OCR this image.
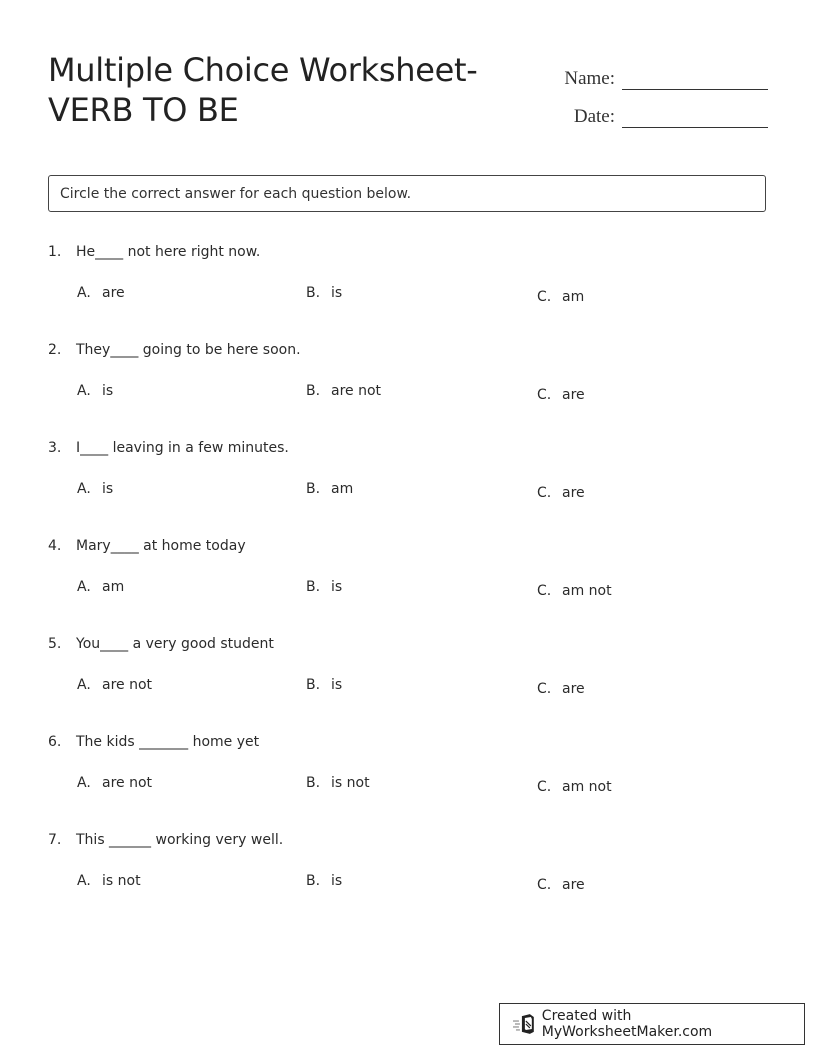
Multiple Choice Worksheet-
VERB TO BE
Name:
Date:
Circle the correct answer for each question below.
1. He____ not here right now.
A. are	B. is	C. am
2. They____ going to be here soon.
A. is	B. are not	C. are
3. I____ leaving in a few minutes.
A. is	B. am	C. are
4. Mary____ at home today
A. am	B. is	C. am not
5. You____ a very good student
A. are not	B. is	C. are
6. The kids _______ home yet
A. are not	B. is not	C. am not
7. This ______ working very well.
A. is not	B. is	C. are
Created with MyWorksheetMaker.com
